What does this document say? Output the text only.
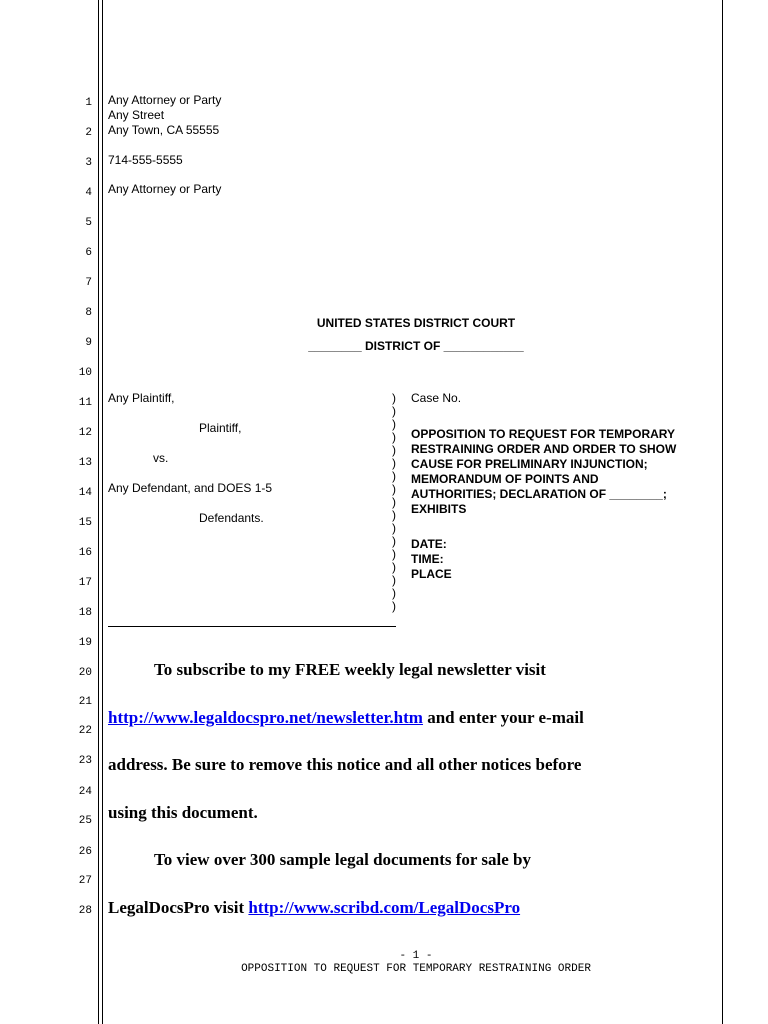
1
2
3
4
5
6
7
8
9
10
11
12
13
14
15
16
17
18
19
20
21
22
23
24
25
26
27
28
Any Attorney or Party
Any Street
Any Town, CA 55555
714-555-5555
Any Attorney or Party
UNITED STATES DISTRICT COURT
________ DISTRICT OF ____________
Any Plaintiff,
Plaintiff,
vs.
Any Defendant, and DOES 1-5
Defendants.
)
)
)
)
)
)
)
)
)
)
)
)
)
)
)
)
)
Case No.
OPPOSITION TO REQUEST FOR TEMPORARY
RESTRAINING ORDER AND ORDER TO SHOW
CAUSE FOR PRELIMINARY INJUNCTION;
MEMORANDUM OF POINTS AND
AUTHORITIES; DECLARATION OF ________;
EXHIBITS
DATE:
TIME:
PLACE
To subscribe to my FREE weekly legal newsletter visit
http://www.legaldocspro.net/newsletter.htm and enter your e-mail
address. Be sure to remove this notice and all other notices before
using this document.
To view over 300 sample legal documents for sale by
LegalDocsPro visit http://www.scribd.com/LegalDocsPro
- 1 -
OPPOSITION TO REQUEST FOR TEMPORARY RESTRAINING ORDER
